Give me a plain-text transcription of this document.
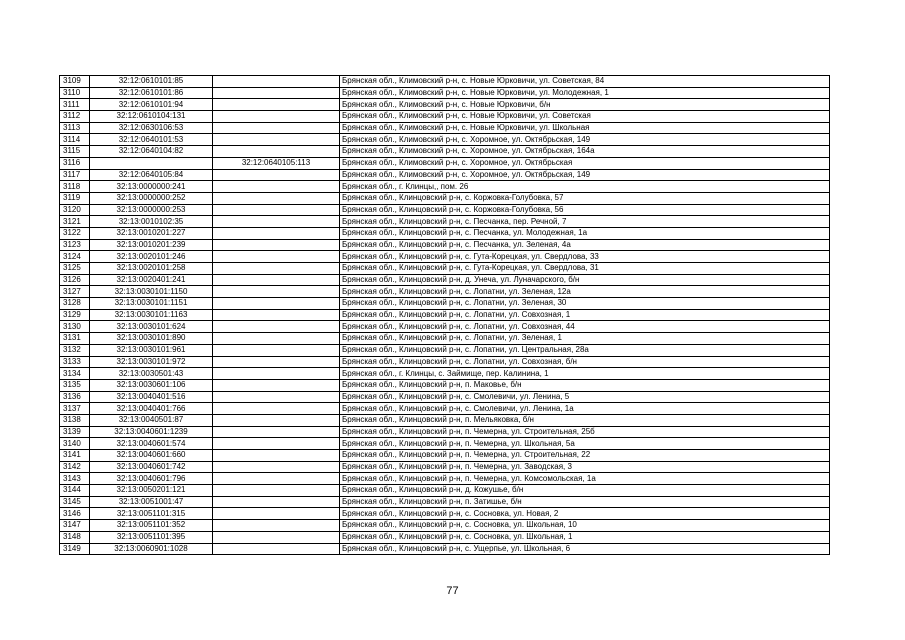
3109	32:12:0610101:85		Брянская обл., Климовский р-н, с. Новые Юрковичи, ул. Советская, 84
3110	32:12:0610101:86		Брянская обл., Климовский р-н, с. Новые Юрковичи, ул. Молодежная, 1
3111	32:12:0610101:94		Брянская обл., Климовский р-н, с. Новые Юрковичи, б/н
3112	32:12:0610104:131		Брянская обл., Климовский р-н, с. Новые Юрковичи, ул. Советская
3113	32:12:0630106:53		Брянская обл., Климовский р-н, с. Новые Юрковичи, ул. Школьная
3114	32:12:0640101:53		Брянская обл., Климовский р-н, с. Хоромное, ул. Октябрьская, 149
3115	32:12:0640104:82		Брянская обл., Климовский р-н, с. Хоромное, ул. Октябрьская, 164а
3116		32:12:0640105:113	Брянская обл., Климовский р-н, с. Хоромное, ул. Октябрьская
3117	32:12:0640105:84		Брянская обл., Климовский р-н, с. Хоромное, ул. Октябрьская, 149
3118	32:13:0000000:241		Брянская обл., г. Клинцы,, пом. 26
3119	32:13:0000000:252		Брянская обл., Клинцовский р-н, с. Коржовка-Голубовка, 57
3120	32:13:0000000:253		Брянская обл., Клинцовский р-н, с. Коржовка-Голубовка, 56
3121	32:13:0010102:35		Брянская обл., Клинцовский р-н, с. Песчанка, пер. Речной, 7
3122	32:13:0010201:227		Брянская обл., Клинцовский р-н, с. Песчанка, ул. Молодежная, 1а
3123	32:13:0010201:239		Брянская обл., Клинцовский р-н, с. Песчанка, ул. Зеленая, 4а
3124	32:13:0020101:246		Брянская обл., Клинцовский р-н, с. Гута-Корецкая, ул. Свердлова, 33
3125	32:13:0020101:258		Брянская обл., Клинцовский р-н, с. Гута-Корецкая, ул. Свердлова, 31
3126	32:13:0020401:241		Брянская обл., Клинцовский р-н, д. Унеча, ул. Луначарского, б/н
3127	32:13:0030101:1150		Брянская обл., Клинцовский р-н, с. Лопатни, ул. Зеленая, 12а
3128	32:13:0030101:1151		Брянская обл., Клинцовский р-н, с. Лопатни, ул. Зеленая, 30
3129	32:13:0030101:1163		Брянская обл., Клинцовский р-н, с. Лопатни, ул. Совхозная, 1
3130	32:13:0030101:624		Брянская обл., Клинцовский р-н, с. Лопатни, ул. Совхозная, 44
3131	32:13:0030101:890		Брянская обл., Клинцовский р-н, с. Лопатни, ул. Зеленая, 1
3132	32:13:0030101:961		Брянская обл., Клинцовский р-н, с. Лопатни, ул. Центральная, 28а
3133	32:13:0030101:972		Брянская обл., Клинцовский р-н, с. Лопатни, ул. Совхозная, б/н
3134	32:13:0030501:43		Брянская обл., г. Клинцы, с. Займище, пер. Калинина, 1
3135	32:13:0030601:106		Брянская обл., Клинцовский р-н, п. Маковье, б/н
3136	32:13:0040401:516		Брянская обл., Клинцовский р-н, с. Смолевичи, ул. Ленина, 5
3137	32:13:0040401:766		Брянская обл., Клинцовский р-н, с. Смолевичи, ул. Ленина, 1а
3138	32:13:0040501:87		Брянская обл., Клинцовский р-н, п. Мельяковка, б/н
3139	32:13:0040601:1239		Брянская обл., Клинцовский р-н, п. Чемерна, ул. Строительная, 25б
3140	32:13:0040601:574		Брянская обл., Клинцовский р-н, п. Чемерна, ул. Школьная, 5а
3141	32:13:0040601:660		Брянская обл., Клинцовский р-н, п. Чемерна, ул. Строительная, 22
3142	32:13:0040601:742		Брянская обл., Клинцовский р-н, п. Чемерна, ул. Заводская, 3
3143	32:13:0040601:796		Брянская обл., Клинцовский р-н, п. Чемерна, ул. Комсомольская, 1а
3144	32:13:0050201:121		Брянская обл., Клинцовский р-н, д. Кожушье, б/н
3145	32:13:0051001:47		Брянская обл., Клинцовский р-н, п. Затишье, б/н
3146	32:13:0051101:315		Брянская обл., Клинцовский р-н, с. Сосновка, ул. Новая, 2
3147	32:13:0051101:352		Брянская обл., Клинцовский р-н, с. Сосновка, ул. Школьная, 10
3148	32:13:0051101:395		Брянская обл., Клинцовский р-н, с. Сосновка, ул. Школьная, 1
3149	32:13:0060901:1028		Брянская обл., Клинцовский р-н, с. Ущерпье, ул. Школьная, 6
77
